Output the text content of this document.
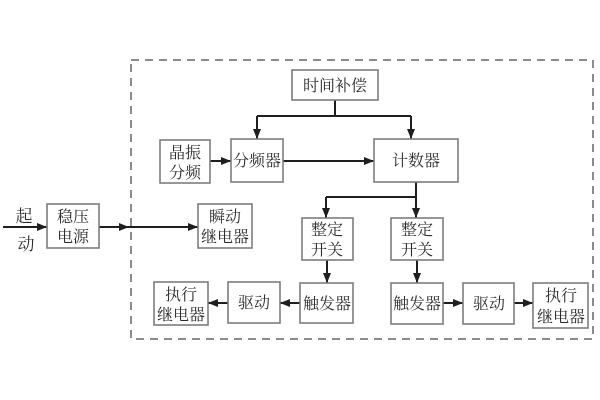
起
动
稳压
电源
时间补偿
晶振
分频
分频器	计数器
瞬动
继电器	整定
开关
整定
开关
触发器	触发器
驱动	驱动
执行
继电器
执行
继电器
